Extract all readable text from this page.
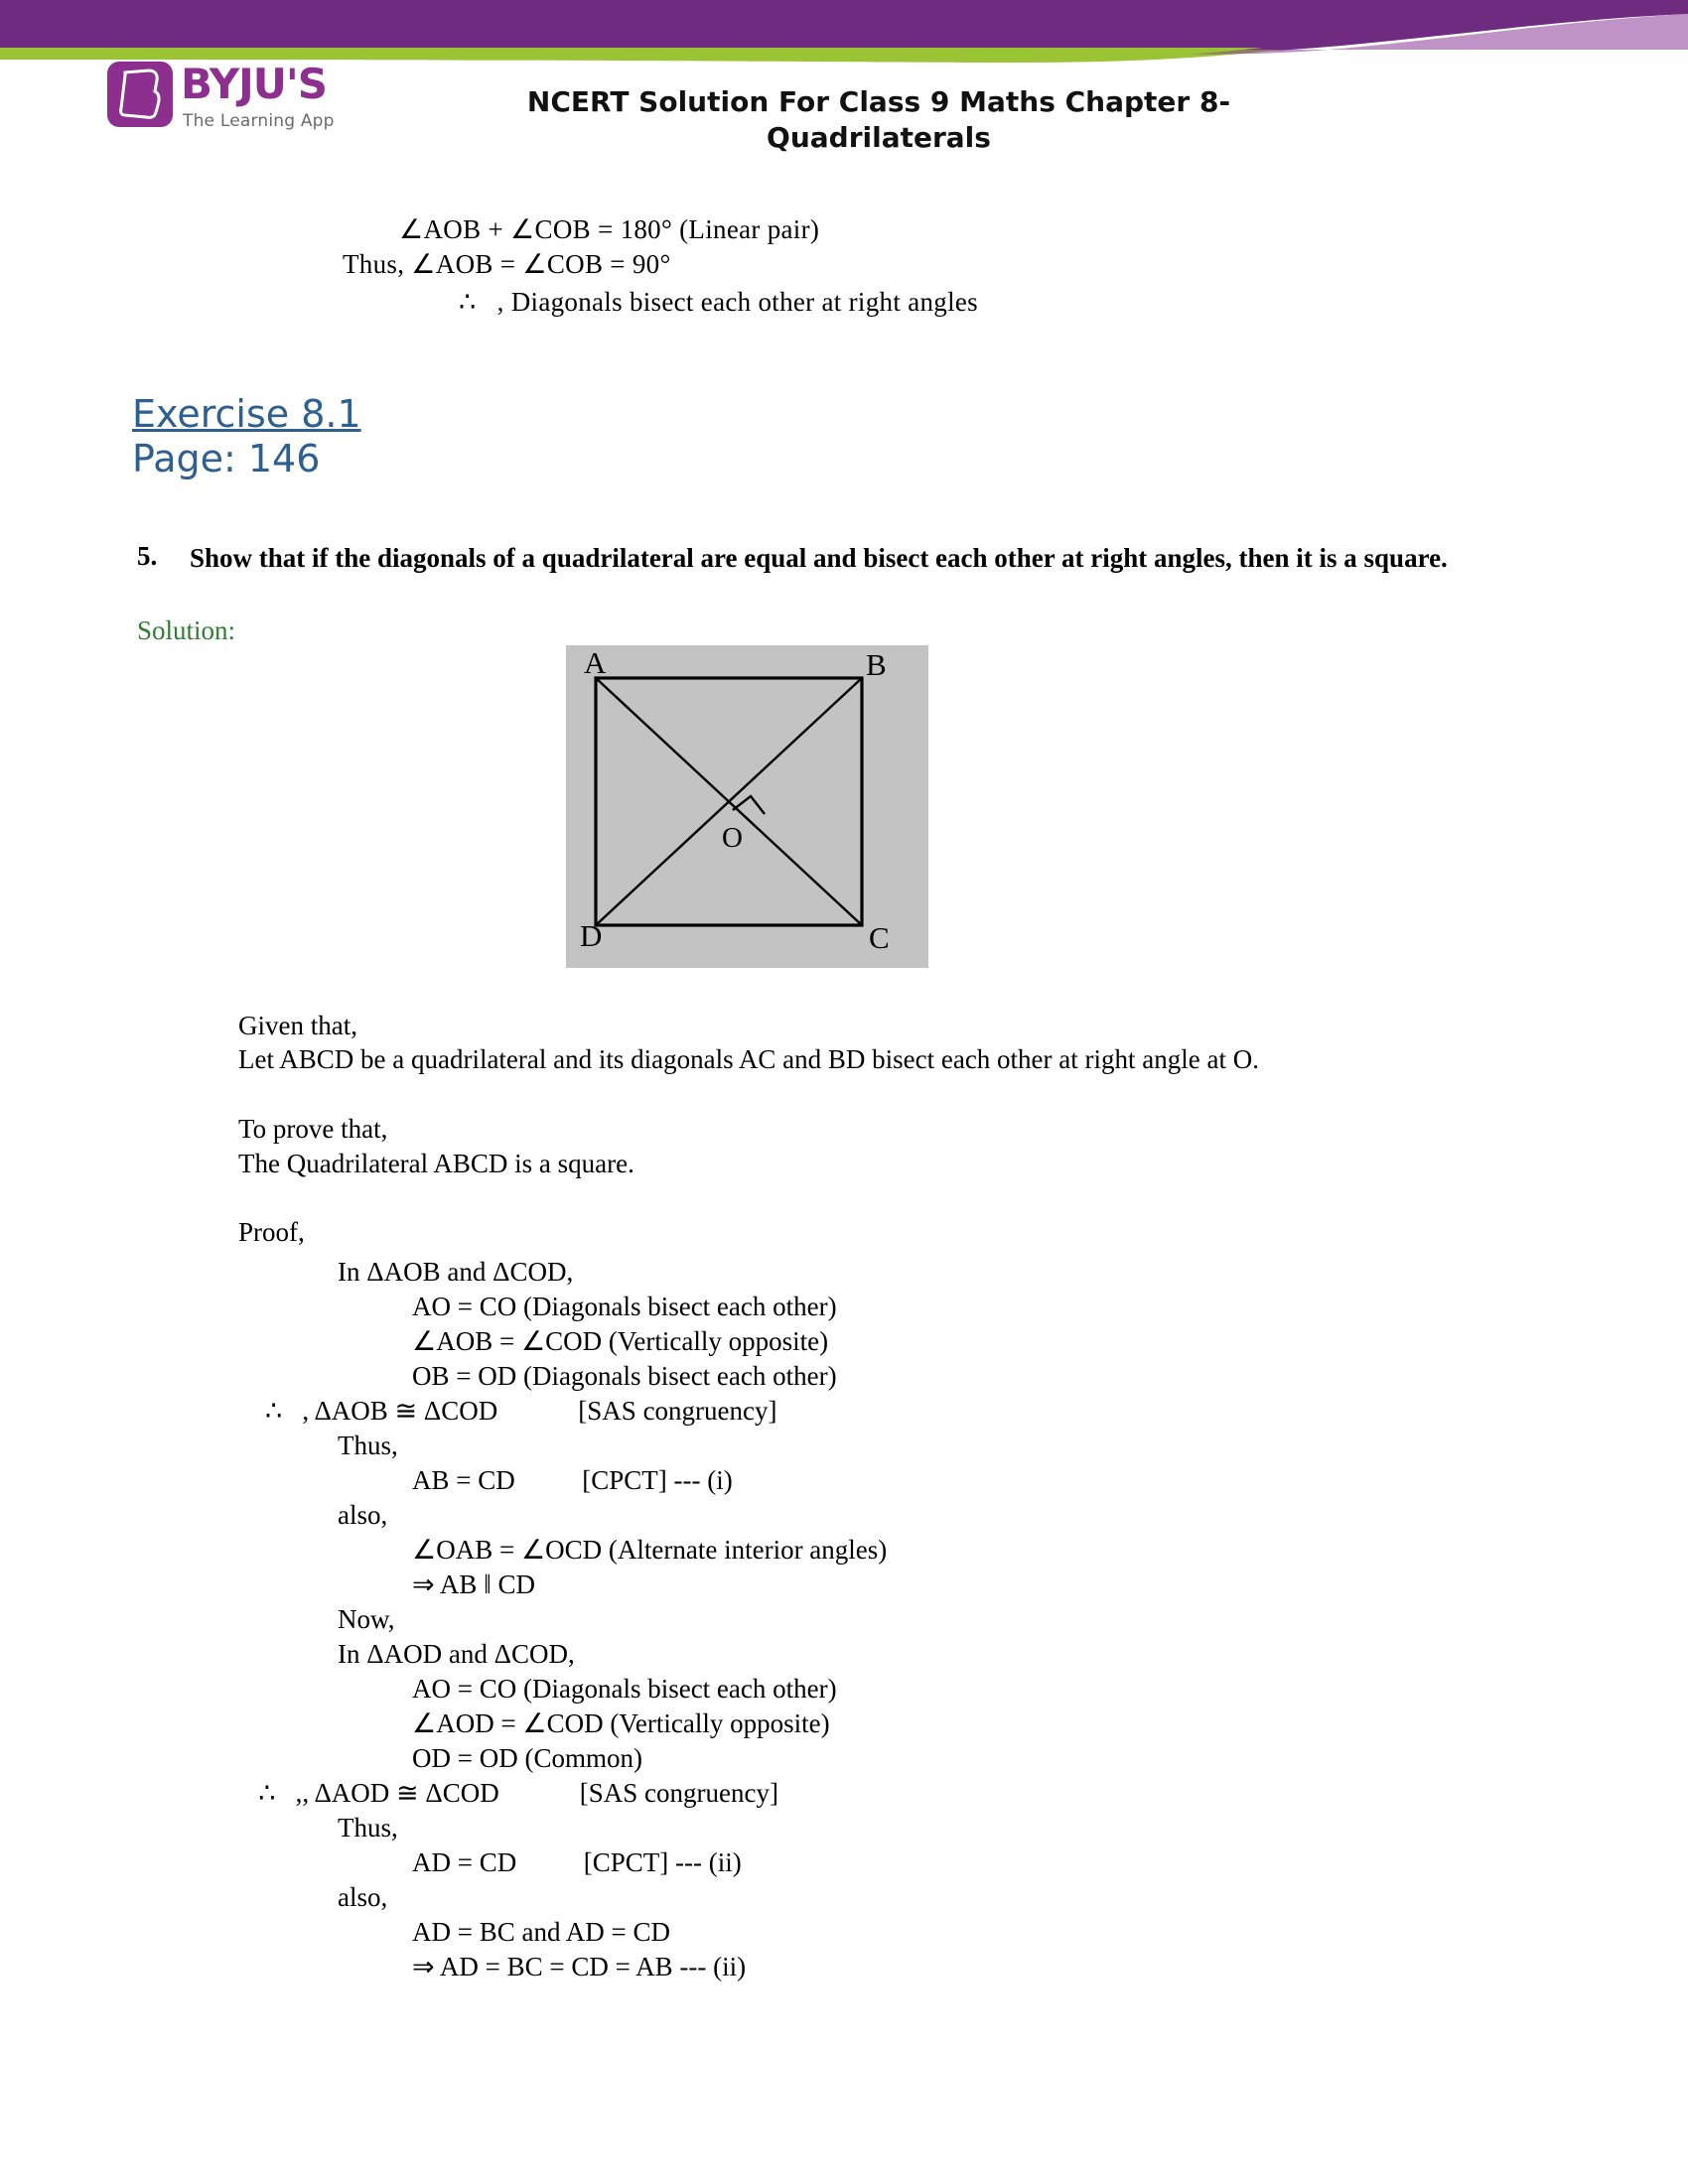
BYJU'S
The Learning App
NCERT Solution For Class 9 Maths Chapter 8-
Quadrilaterals
∠AOB + ∠COB = 180° (Linear pair)
Thus, ∠AOB = ∠COB = 90°
∴   , Diagonals bisect each other at right angles
Exercise 8.1
Page: 146
5. Show that if the diagonals of a quadrilateral are equal and bisect each other at right angles, then it is a square.
Solution:
A	B
C
D
O
Given that,
Let ABCD be a quadrilateral and its diagonals AC and BD bisect each other at right angle at O.
To prove that,
The Quadrilateral ABCD is a square.
Proof,
In ΔAOB and ΔCOD,
AO = CO (Diagonals bisect each other)
∠AOB = ∠COD (Vertically opposite)
OB = OD (Diagonals bisect each other)
∴   , ΔAOB ≅ ΔCOD            [SAS congruency]
Thus,
AB = CD          [CPCT] --- (i)
also,
∠OAB = ∠OCD (Alternate interior angles)
⇒ AB ‖ CD
Now,
In ΔAOD and ΔCOD,
AO = CO (Diagonals bisect each other)
∠AOD = ∠COD (Vertically opposite)
OD = OD (Common)
∴   ,, ΔAOD ≅ ΔCOD            [SAS congruency]
Thus,
AD = CD          [CPCT] --- (ii)
also,
AD = BC and AD = CD
⇒ AD = BC = CD = AB --- (ii)
